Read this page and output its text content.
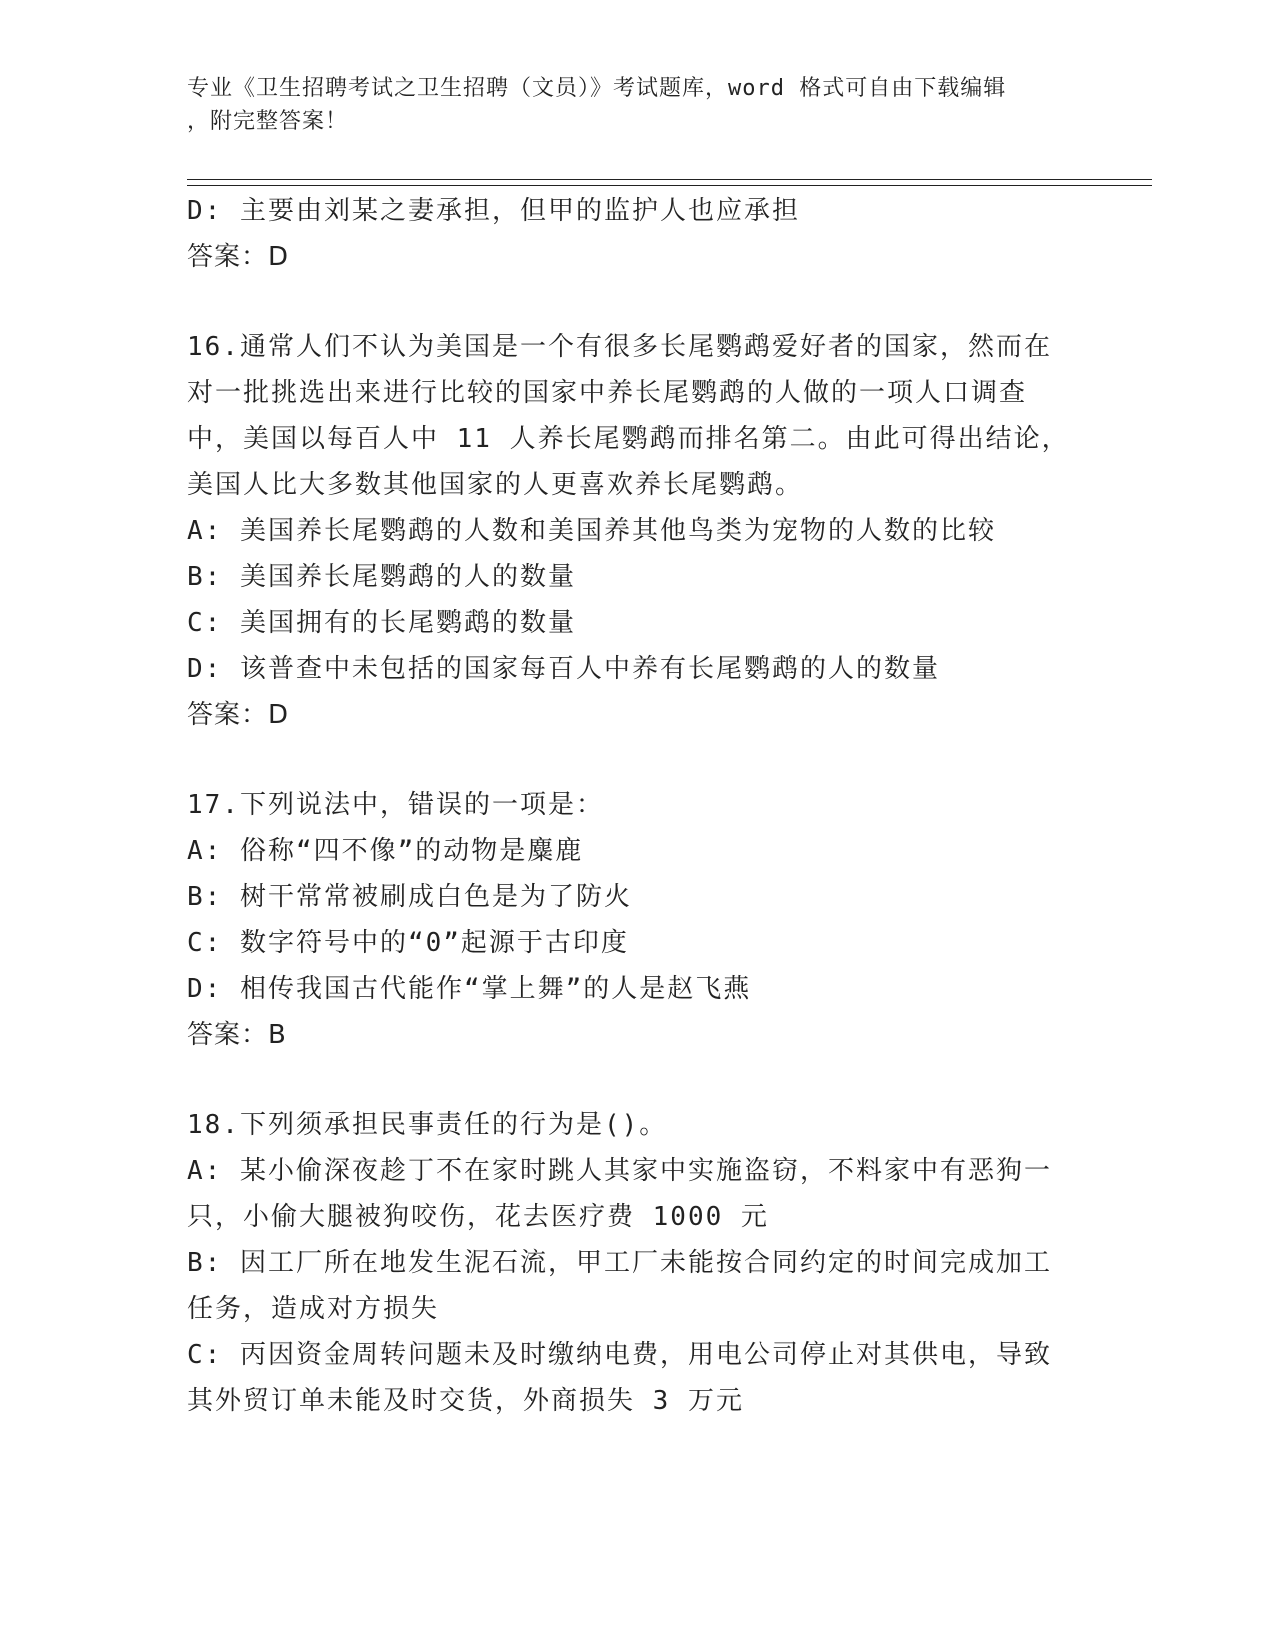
专业《卫生招聘考试之卫生招聘（文员）》考试题库，word 格式可自由下载编辑
，附完整答案！

D: 主要由刘某之妻承担，但甲的监护人也应承担

答案：D

16.通常人们不认为美国是一个有很多长尾鹦鹉爱好者的国家，然而在

对一批挑选出来进行比较的国家中养长尾鹦鹉的人做的一项人口调查

中，美国以每百人中 11 人养长尾鹦鹉而排名第二。由此可得出结论，

美国人比大多数其他国家的人更喜欢养长尾鹦鹉。

A: 美国养长尾鹦鹉的人数和美国养其他鸟类为宠物的人数的比较

B: 美国养长尾鹦鹉的人的数量

C: 美国拥有的长尾鹦鹉的数量

D: 该普查中未包括的国家每百人中养有长尾鹦鹉的人的数量

答案：D

17.下列说法中，错误的一项是：

A: 俗称“四不像”的动物是麋鹿

B: 树干常常被刷成白色是为了防火

C: 数字符号中的“0”起源于古印度

D: 相传我国古代能作“掌上舞”的人是赵飞燕

答案：B

18.下列须承担民事责任的行为是()。

A: 某小偷深夜趁丁不在家时跳人其家中实施盗窃，不料家中有恶狗一

只，小偷大腿被狗咬伤，花去医疗费 1000 元

B: 因工厂所在地发生泥石流，甲工厂未能按合同约定的时间完成加工

任务，造成对方损失

C: 丙因资金周转问题未及时缴纳电费，用电公司停止对其供电，导致

其外贸订单未能及时交货，外商损失 3 万元
